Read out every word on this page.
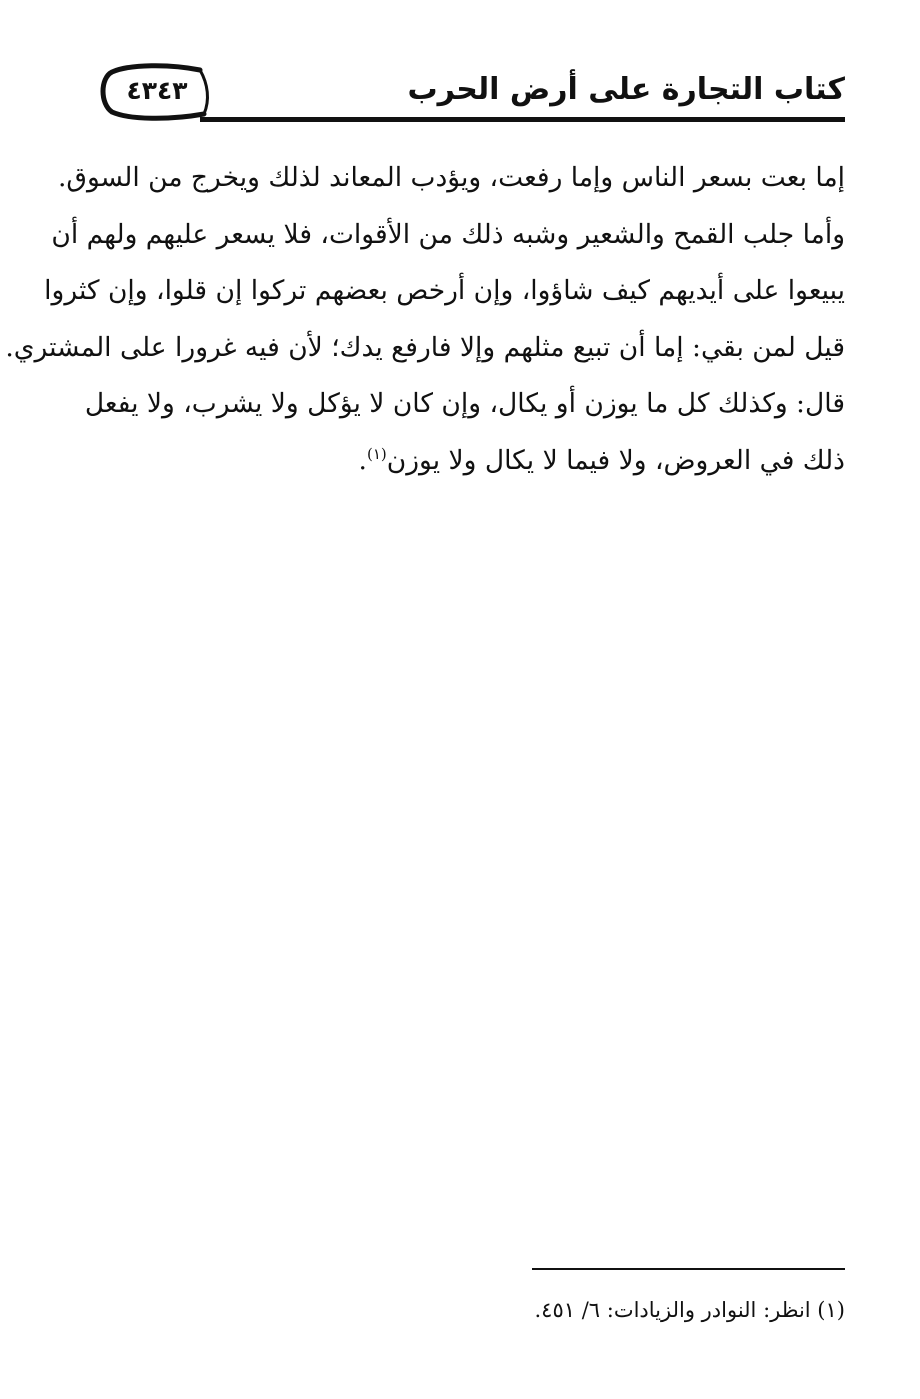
٤٣٤٣	كتاب التجارة على أرض الحرب
إما بعت بسعر الناس وإما رفعت، ويؤدب المعاند لذلك ويخرج من السوق.
وأما جلب القمح والشعير وشبه ذلك من الأقوات، فلا يسعر عليهم ولهم أن
يبيعوا على أيديهم كيف شاؤوا، وإن أرخص بعضهم تركوا إن قلوا، وإن كثروا
قيل لمن بقي: إما أن تبيع مثلهم وإلا فارفع يدك؛ لأن فيه غرورا على المشتري.
قال: وكذلك كل ما يوزن أو يكال، وإن كان لا يؤكل ولا يشرب، ولا يفعل
ذلك في العروض، ولا فيما لا يكال ولا يوزن$^{(١)}$.
(١) انظر: النوادر والزيادات: ٦/ ٤٥١.
